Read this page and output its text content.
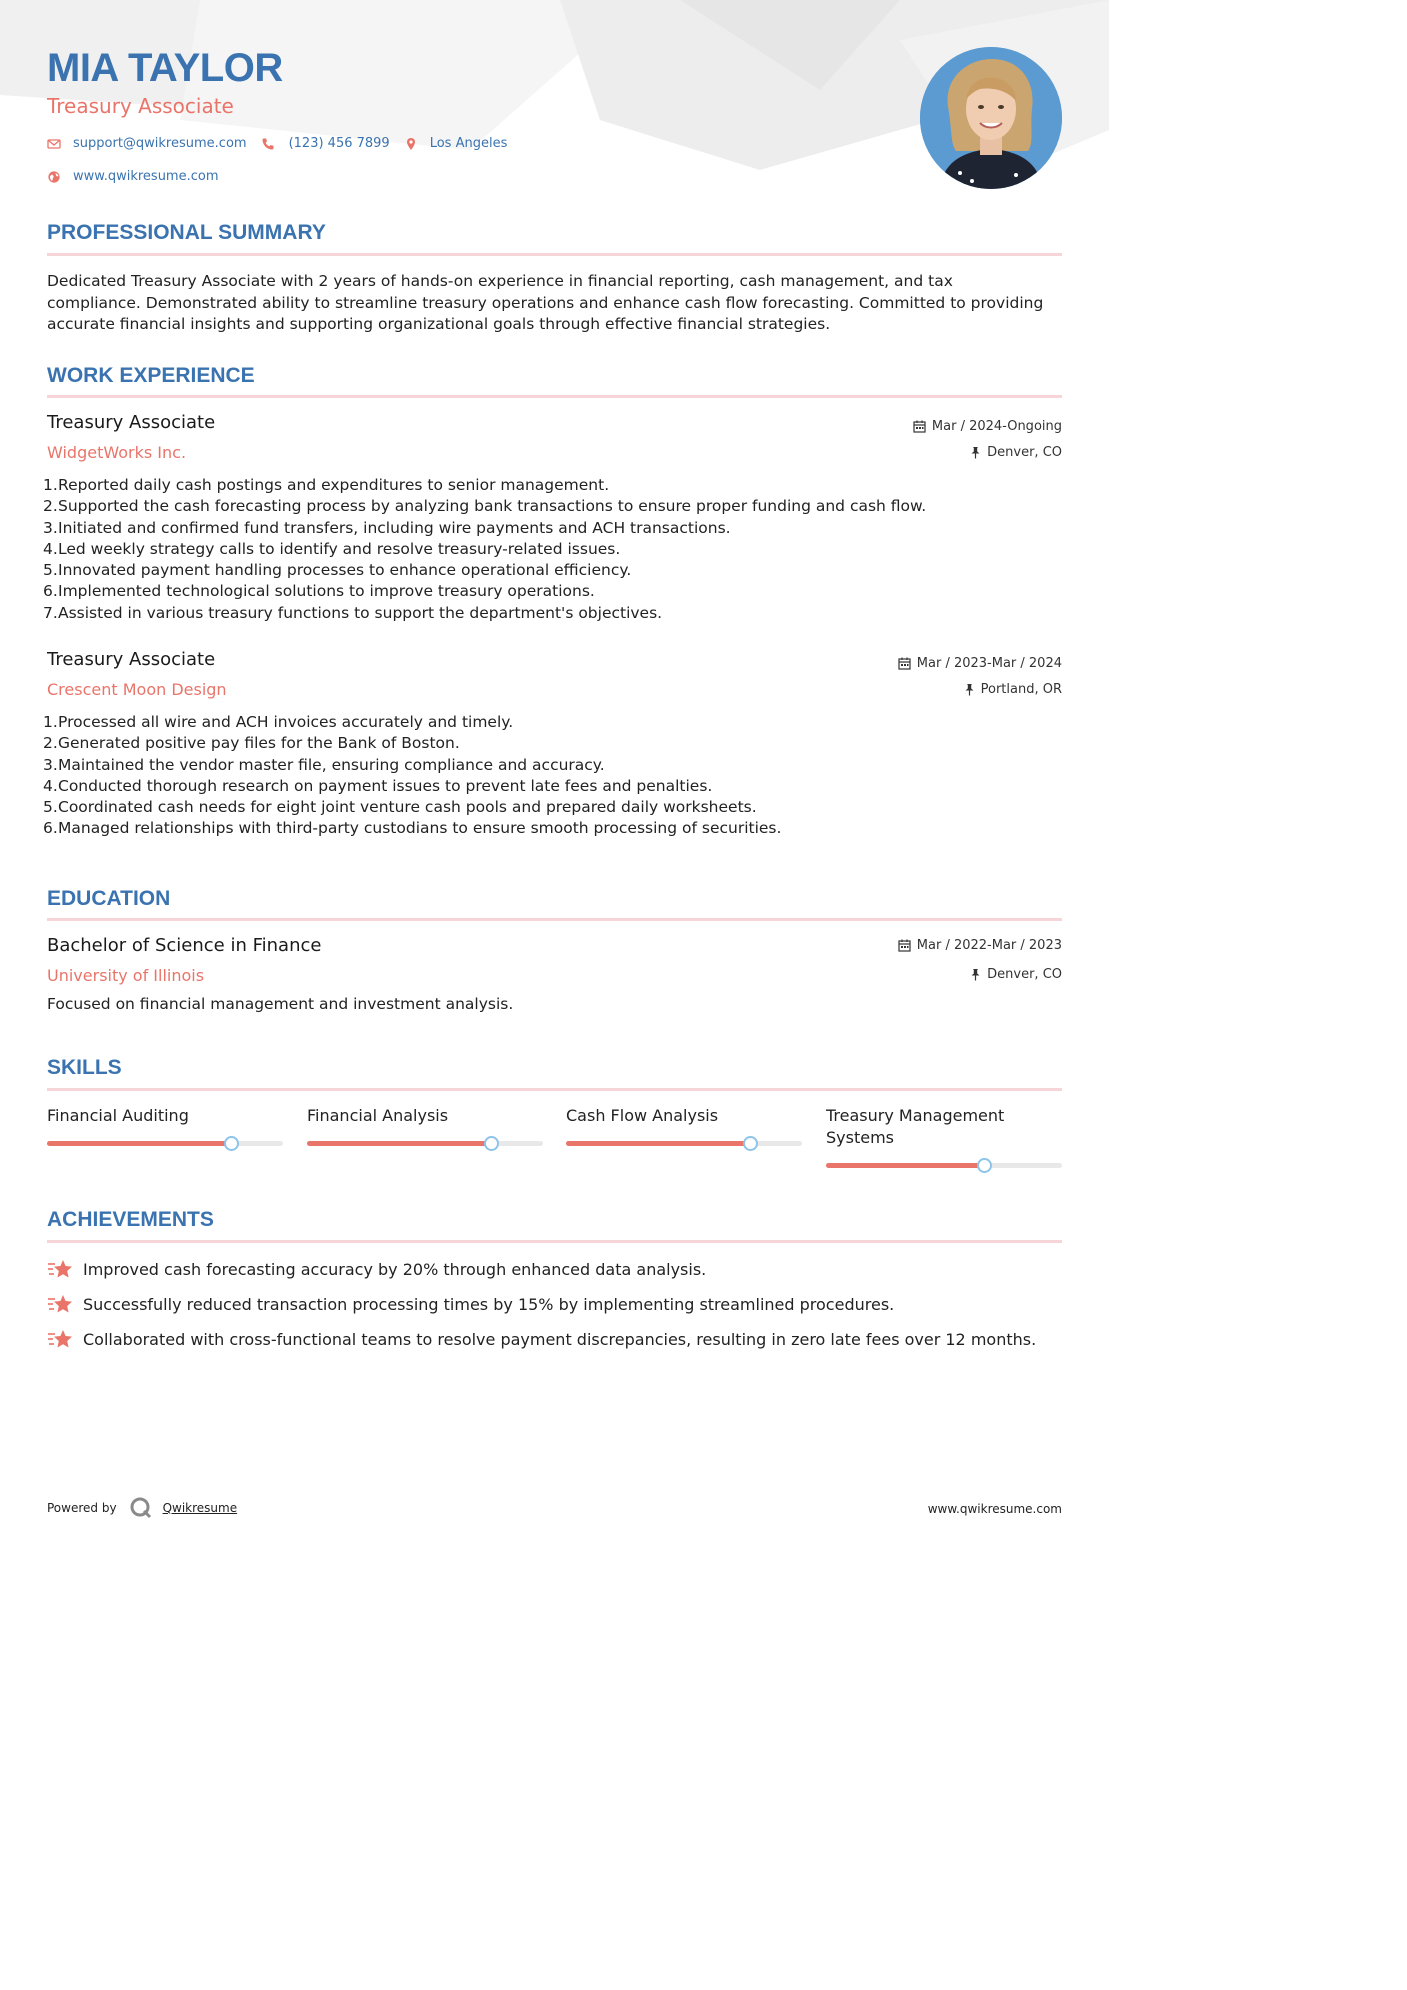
MIA TAYLOR
Treasury Associate
support@qwikresume.com	(123) 456 7899	Los Angeles
www.qwikresume.com
PROFESSIONAL SUMMARY
Dedicated Treasury Associate with 2 years of hands-on experience in financial reporting, cash management, and tax compliance. Demonstrated ability to streamline treasury operations and enhance cash flow forecasting. Committed to providing accurate financial insights and supporting organizational goals through effective financial strategies.
WORK EXPERIENCE
Treasury Associate
WidgetWorks Inc.
Mar / 2024-Ongoing
Denver, CO
1.Reported daily cash postings and expenditures to senior management.
2.Supported the cash forecasting process by analyzing bank transactions to ensure proper funding and cash flow.
3.Initiated and confirmed fund transfers, including wire payments and ACH transactions.
4.Led weekly strategy calls to identify and resolve treasury-related issues.
5.Innovated payment handling processes to enhance operational efficiency.
6.Implemented technological solutions to improve treasury operations.
7.Assisted in various treasury functions to support the department's objectives.
Treasury Associate
Crescent Moon Design
Mar / 2023-Mar / 2024
Portland, OR
1.Processed all wire and ACH invoices accurately and timely.
2.Generated positive pay files for the Bank of Boston.
3.Maintained the vendor master file, ensuring compliance and accuracy.
4.Conducted thorough research on payment issues to prevent late fees and penalties.
5.Coordinated cash needs for eight joint venture cash pools and prepared daily worksheets.
6.Managed relationships with third-party custodians to ensure smooth processing of securities.
EDUCATION
Bachelor of Science in Finance
University of Illinois
Mar / 2022-Mar / 2023
Denver, CO
Focused on financial management and investment analysis.
SKILLS
Financial Auditing	Financial Analysis	Cash Flow Analysis	Treasury Management Systems
ACHIEVEMENTS
Improved cash forecasting accuracy by 20% through enhanced data analysis.
Successfully reduced transaction processing times by 15% by implementing streamlined procedures.
Collaborated with cross-functional teams to resolve payment discrepancies, resulting in zero late fees over 12 months.
Powered by	Qwikresume	www.qwikresume.com
